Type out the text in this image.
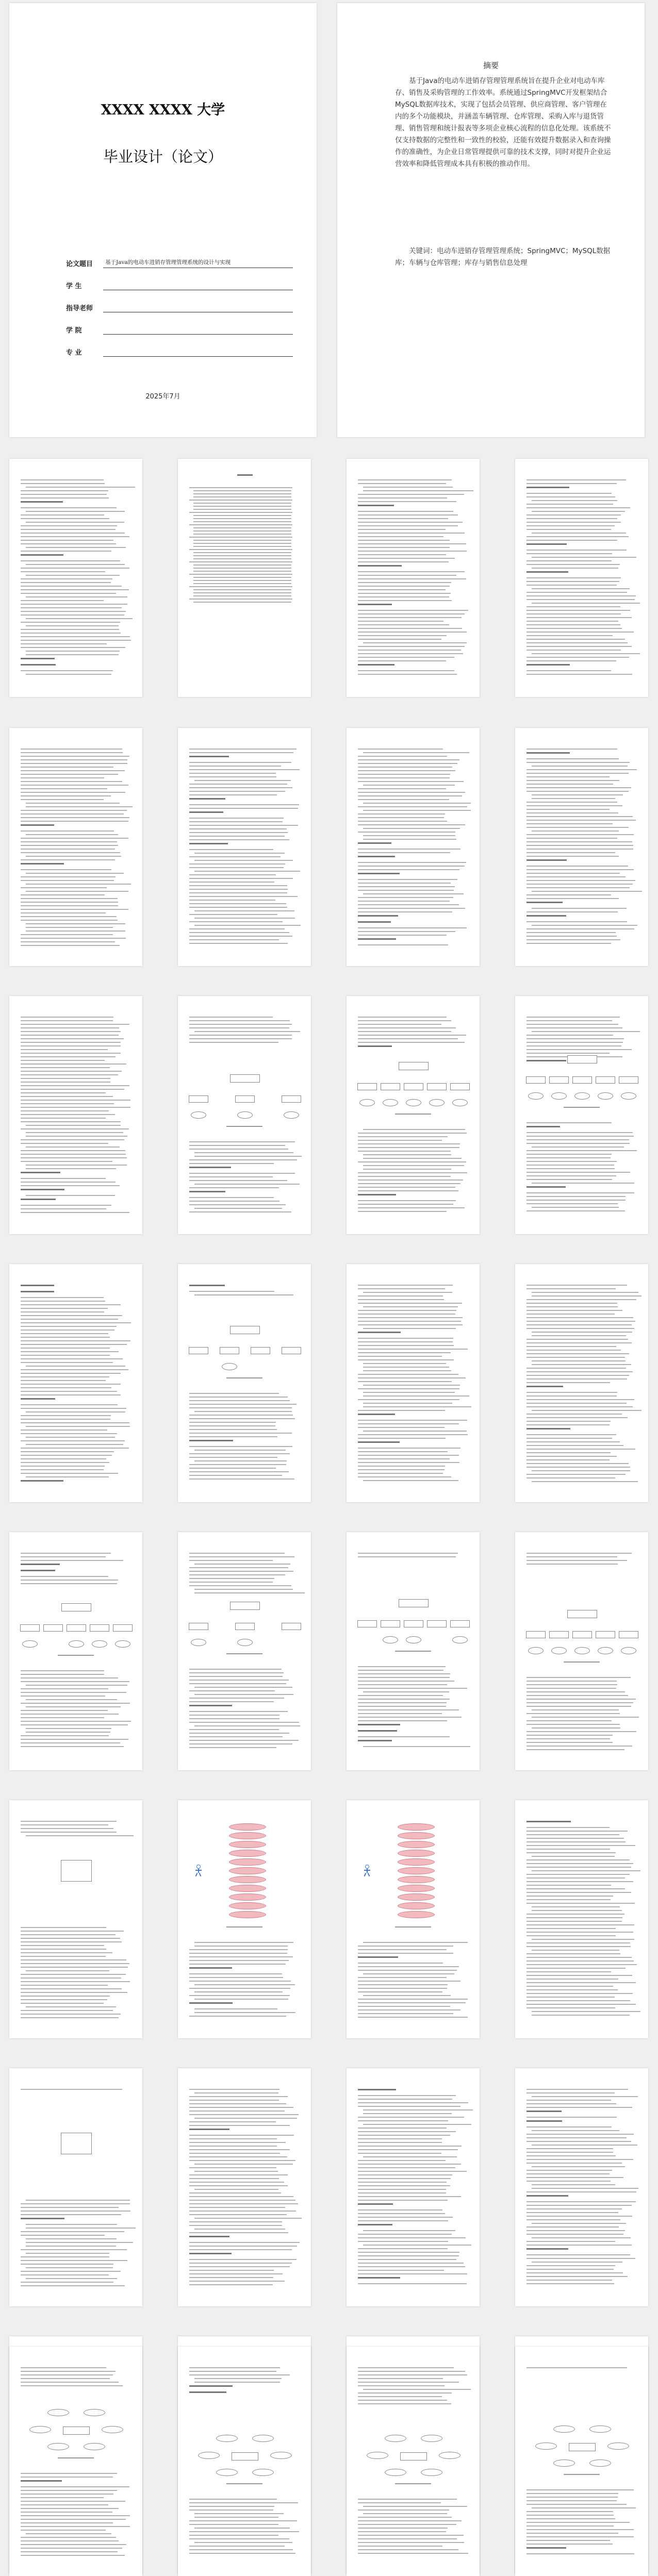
XXXX XXXX 大学
毕业设计（论文）
论文题目	基于Java的电动车进销存管理管理系统的设计与实现
学 生
指导老师
学 院
专 业
2025年7月
摘要

基于Java的电动车进销存管理管理系统旨在提升企业对电动车库存、销售及采购管理的工作效率。系统通过SpringMVC开发框架结合MySQL数据库技术，实现了包括会员管理、供应商管理、客户管理在内的多个功能模块，并涵盖车辆管理、仓库管理、采购入库与退货管理、销售管理和统计报表等多项企业核心流程的信息化处理。该系统不仅支持数据的完整性和一致性的校验，还能有效提升数据录入和查询操作的准确性，为企业日常管理提供可靠的技术支撑，同时对提升企业运营效率和降低管理成本具有积极的推动作用。

关键词：电动车进销存管理管理系统；SpringMVC；MySQL数据库；车辆与仓库管理；库存与销售信息处理
